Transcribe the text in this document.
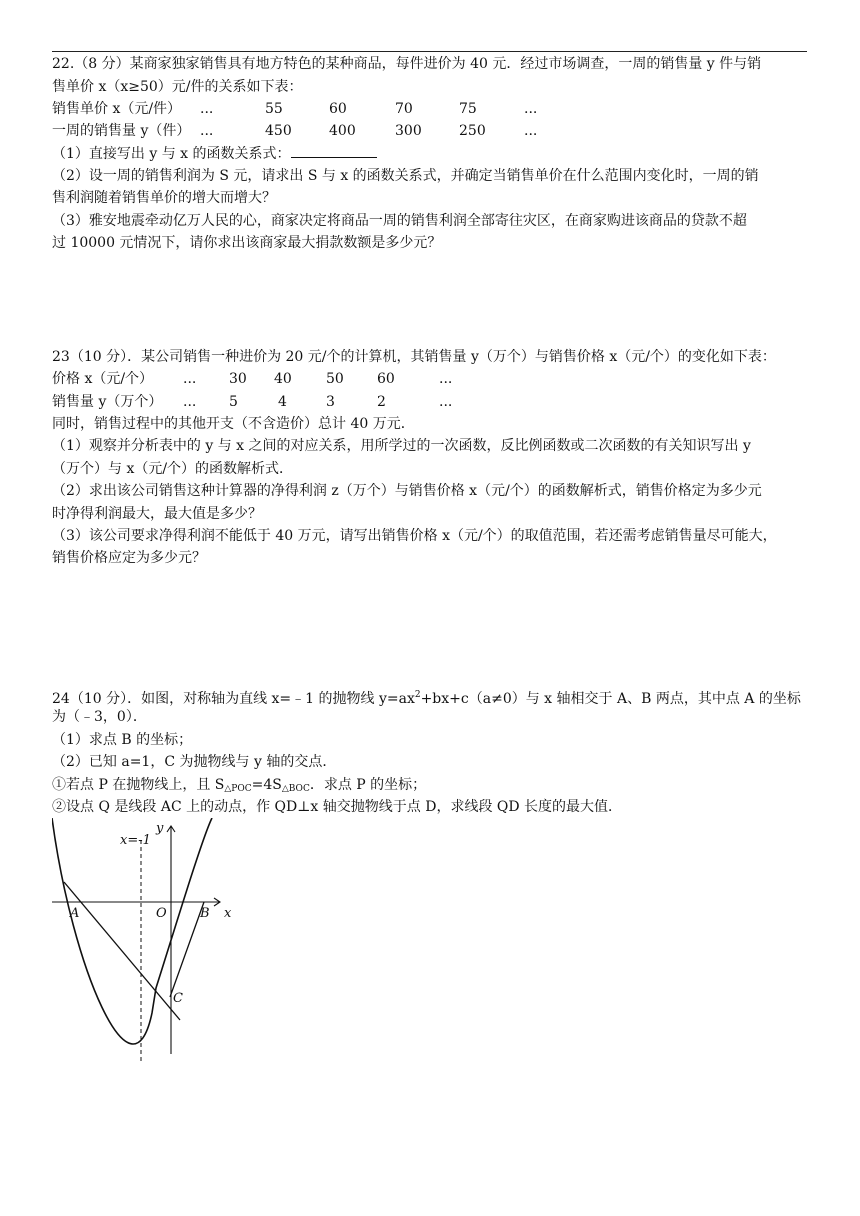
22.（8 分）某商家独家销售具有地方特色的某种商品，每件进价为 40 元．经过市场调查，一周的销售量 y 件与销
售单价 x（x≥50）元/件的关系如下表：
销售单价 x（元/件） ...	55	60	70	75	...
一周的销售量 y（件） ...	450	400	300	250	...
（1）直接写出 y 与 x 的函数关系式：
（2）设一周的销售利润为 S 元，请求出 S 与 x 的函数关系式，并确定当销售单价在什么范围内变化时，一周的销
售利润随着销售单价的增大而增大？
（3）雅安地震牵动亿万人民的心，商家决定将商品一周的销售利润全部寄往灾区，在商家购进该商品的贷款不超
过 10000 元情况下，请你求出该商家最大捐款数额是多少元？
23（10 分）．某公司销售一种进价为 20 元/个的计算机，其销售量 y（万个）与销售价格 x（元/个）的变化如下表：
价格 x（元/个） ... 30 40 50 60	...
销售量 y（万个） ... 5	4	3	2	...
同时，销售过程中的其他开支（不含造价）总计 40 万元．
（1）观察并分析表中的 y 与 x 之间的对应关系，用所学过的一次函数，反比例函数或二次函数的有关知识写出 y
（万个）与 x（元/个）的函数解析式．
（2）求出该公司销售这种计算器的净得利润 z（万个）与销售价格 x（元/个）的函数解析式，销售价格定为多少元
时净得利润最大，最大值是多少？
（3）该公司要求净得利润不能低于 40 万元，请写出销售价格 x（元/个）的取值范围，若还需考虑销售量尽可能大，
销售价格应定为多少元？
24（10 分）．如图，对称轴为直线 x=﹣1 的抛物线 $y=ax^2+bx+c(a\ne 0)$与 x 轴相交于 A、B 两点，其中点 A 的坐标
为（﹣3，0）．
（1）求点 B 的坐标；
（2）已知 a=1，C 为抛物线与 y 轴的交点．
①若点 P 在抛物线上，且 $S_{\triangle POC}=4S_{\triangle BOC}$．求点 P 的坐标；
②设点 Q 是线段 AC 上的动点，作 QD⊥x 轴交抛物线于点 D，求线段 QD 长度的最大值．
x=-1
y
x
A	O	B
C
